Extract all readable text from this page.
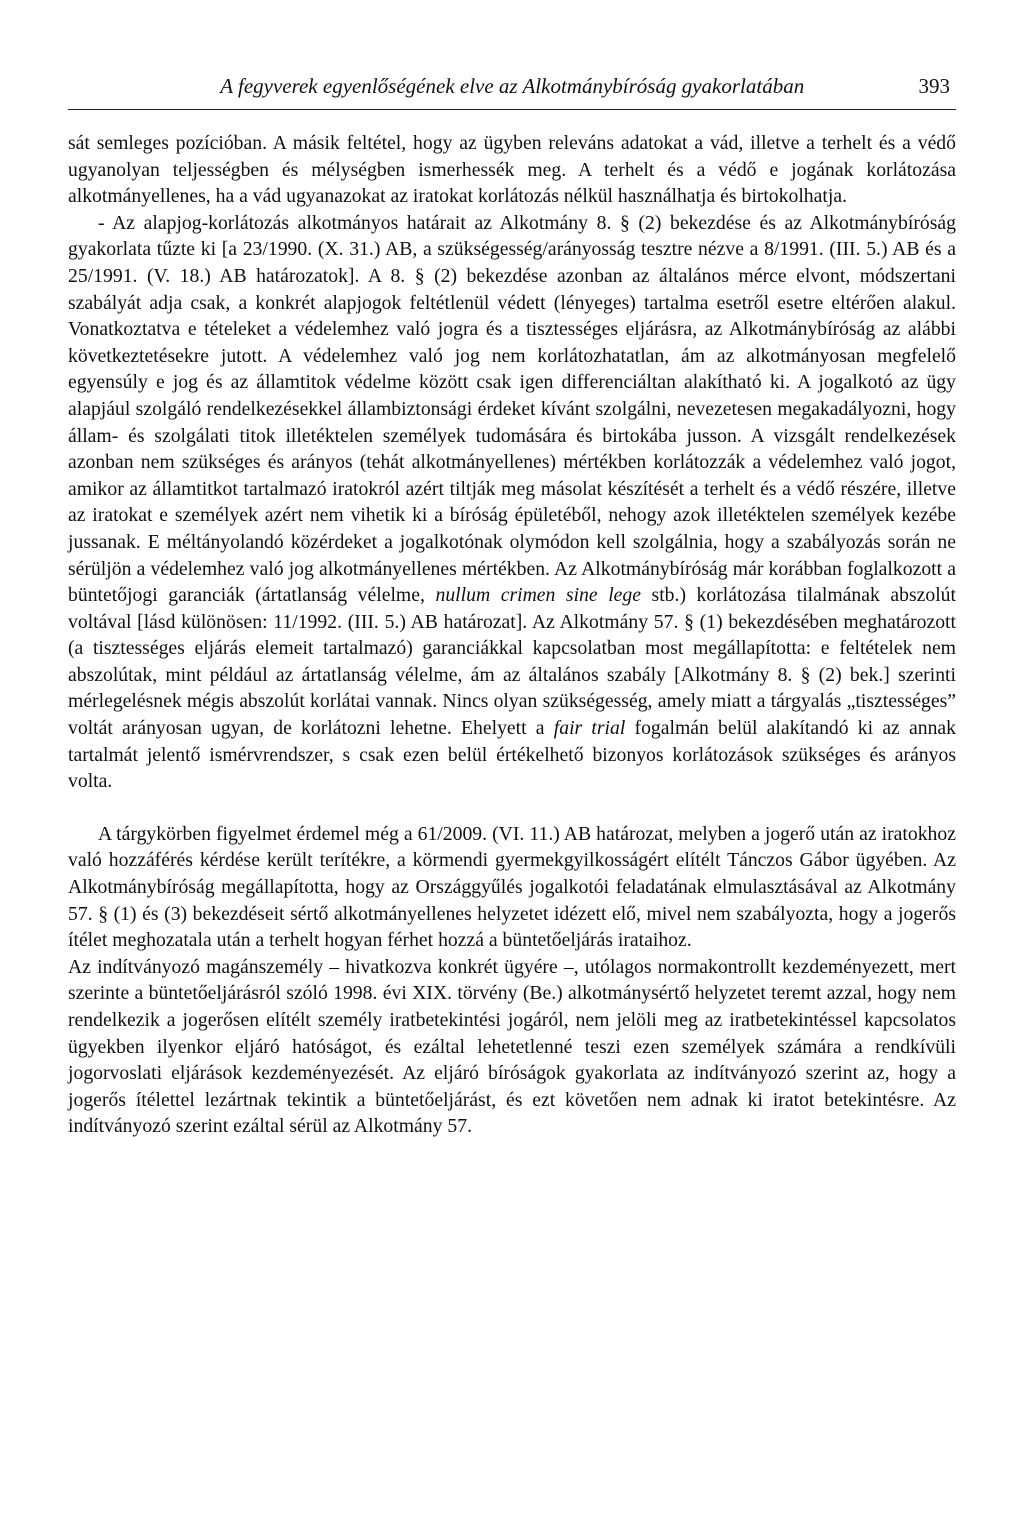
A fegyverek egyenlőségének elve az Alkotmánybíróság gyakorlatában	393

sát semleges pozícióban. A másik feltétel, hogy az ügyben releváns adatokat a vád, illetve a terhelt és a védő ugyanolyan teljességben és mélységben ismerhessék meg. A terhelt és a védő e jogának korlátozása alkotmányellenes, ha a vád ugyanazokat az iratokat korlátozás nélkül használhatja és birtokolhatja.

- Az alapjog-korlátozás alkotmányos határait az Alkotmány 8. § (2) bekezdése és az Alkotmánybíróság gyakorlata tűzte ki [a 23/1990. (X. 31.) AB, a szükségesség/arányosság tesztre nézve a 8/1991. (III. 5.) AB és a 25/1991. (V. 18.) AB határozatok]. A 8. § (2) bekezdése azonban az általános mérce elvont, módszertani szabályát adja csak, a konkrét alapjogok feltétlenül védett (lényeges) tartalma esetről esetre eltérően alakul. Vonatkoztatva e tételeket a védelemhez való jogra és a tisztességes eljárásra, az Alkotmánybíróság az alábbi következtetésekre jutott. A védelemhez való jog nem korlátozhatatlan, ám az alkotmányosan megfelelő egyensúly e jog és az államtitok védelme között csak igen differenciáltan alakítható ki. A jogalkotó az ügy alapjául szolgáló rendelkezésekkel állambiztonsági érdeket kívánt szolgálni, nevezetesen megakadályozni, hogy állam- és szolgálati titok illetéktelen személyek tudomására és birtokába jusson. A vizsgált rendelkezések azonban nem szükséges és arányos (tehát alkotmányellenes) mértékben korlátozzák a védelemhez való jogot, amikor az államtitkot tartalmazó iratokról azért tiltják meg másolat készítését a terhelt és a védő részére, illetve az iratokat e személyek azért nem vihetik ki a bíróság épületéből, nehogy azok illetéktelen személyek kezébe jussanak. E méltányolandó közérdeket a jogalkotónak olymódon kell szolgálnia, hogy a szabályozás során ne sérüljön a védelemhez való jog alkotmányellenes mértékben. Az Alkotmánybíróság már korábban foglalkozott a büntetőjogi garanciák (ártatlanság vélelme, nullum crimen sine lege stb.) korlátozása tilalmának abszolút voltával [lásd különösen: 11/1992. (III. 5.) AB határozat]. Az Alkotmány 57. § (1) bekezdésében meghatározott (a tisztességes eljárás elemeit tartalmazó) garanciákkal kapcsolatban most megállapította: e feltételek nem abszolútak, mint például az ártatlanság vélelme, ám az általános szabály [Alkotmány 8. § (2) bek.] szerinti mérlegelésnek mégis abszolút korlátai vannak. Nincs olyan szükségesség, amely miatt a tárgyalás „tisztességes” voltát arányosan ugyan, de korlátozni lehetne. Ehelyett a fair trial fogalmán belül alakítandó ki az annak tartalmát jelentő ismérvrendszer, s csak ezen belül értékelhető bizonyos korlátozások szükséges és arányos volta.

A tárgykörben figyelmet érdemel még a 61/2009. (VI. 11.) AB határozat, melyben a jogerő után az iratokhoz való hozzáférés kérdése került terítékre, a körmendi gyermekgyilkosságért elítélt Tánczos Gábor ügyében. Az Alkotmánybíróság megállapította, hogy az Országgyűlés jogalkotói feladatának elmulasztásával az Alkotmány 57. § (1) és (3) bekezdéseit sértő alkotmányellenes helyzetet idézett elő, mivel nem szabályozta, hogy a jogerős ítélet meghozatala után a terhelt hogyan férhet hozzá a büntetőeljárás irataihoz.

Az indítványozó magánszemély – hivatkozva konkrét ügyére –, utólagos normakontrollt kezdeményezett, mert szerinte a büntetőeljárásról szóló 1998. évi XIX. törvény (Be.) alkotmánysértő helyzetet teremt azzal, hogy nem rendelkezik a jogerősen elítélt személy iratbetekintési jogáról, nem jelöli meg az iratbetekintéssel kapcsolatos ügyekben ilyenkor eljáró hatóságot, és ezáltal lehetetlenné teszi ezen személyek számára a rendkívüli jogorvoslati eljárások kezdeményezését. Az eljáró bíróságok gyakorlata az indítványozó szerint az, hogy a jogerős ítélettel lezártnak tekintik a büntetőeljárást, és ezt követően nem adnak ki iratot betekintésre. Az indítványozó szerint ezáltal sérül az Alkotmány 57.
